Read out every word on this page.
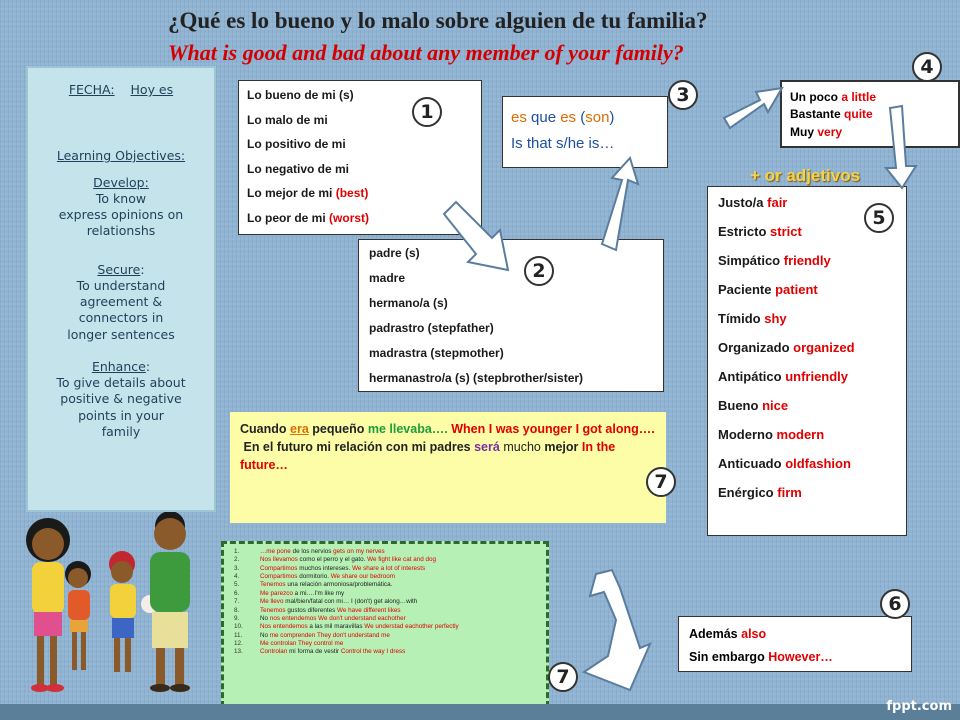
¿Qué es lo bueno y lo malo sobre alguien de tu familia?
What is good and bad about any member of your family?

FECHA: Hoy es

Learning Objectives:

Develop:

To know

express opinions on

relationshs

Secure:

To understand

agreement &

connectors in

longer sentences

Enhance:

To give details about

positive & negative

points in your

family

Lo bueno de mi (s)
Lo malo de mi
Lo positivo de mi
Lo negativo de mi
Lo mejor de mi (best)
Lo peor de mi (worst)
padre (s)
madre
hermano/a (s)
padrastro (stepfather)
madrastra (stepmother)
hermanastro/a (s) (stepbrother/sister)
es que es (son)
Is that s/he is…
Un poco a little
Bastante quite
Muy very
+ or adjetivos
Justo/a fair
Estricto strict
Simpático friendly
Paciente patient
Tímido shy
Organizado organized
Antipático unfriendly
Bueno nice
Moderno modern
Anticuado oldfashion
Enérgico firm
Además also
Sin embargo However…
Cuando era pequeño me llevaba…. When I was younger I got along….
En el futuro mi relación con mi padres será mucho mejor In the future…
1.	…me pone de los nervios gets on my nerves
2.	Nos llevamos como el perro y el gato. We fight like cat and dog
3.	Compartimos muchos intereses. We share a lot of interests
4.	Compartimos dormitorio. We share our bedroom
5.	Tenemos una relación armoniosa/problemática.
6.	Me parezco a mi….I'm like my
7.	Me llevo mal/bien/fatal con mi… I (don't) get along…with
8.	Tenemos gustos diferentes We have different likes
9.	No nos entendemos We don't understand eachother
10.	Nos entendemos a las mil maravillas We understad eachother perfectly
11.	No me comprenden They don't understand me
12.	Me controlan They control me
13.	Controlan mi forma de vestir Control the way I dress
1
2
3
4
5
6
7
7
fppt.com
